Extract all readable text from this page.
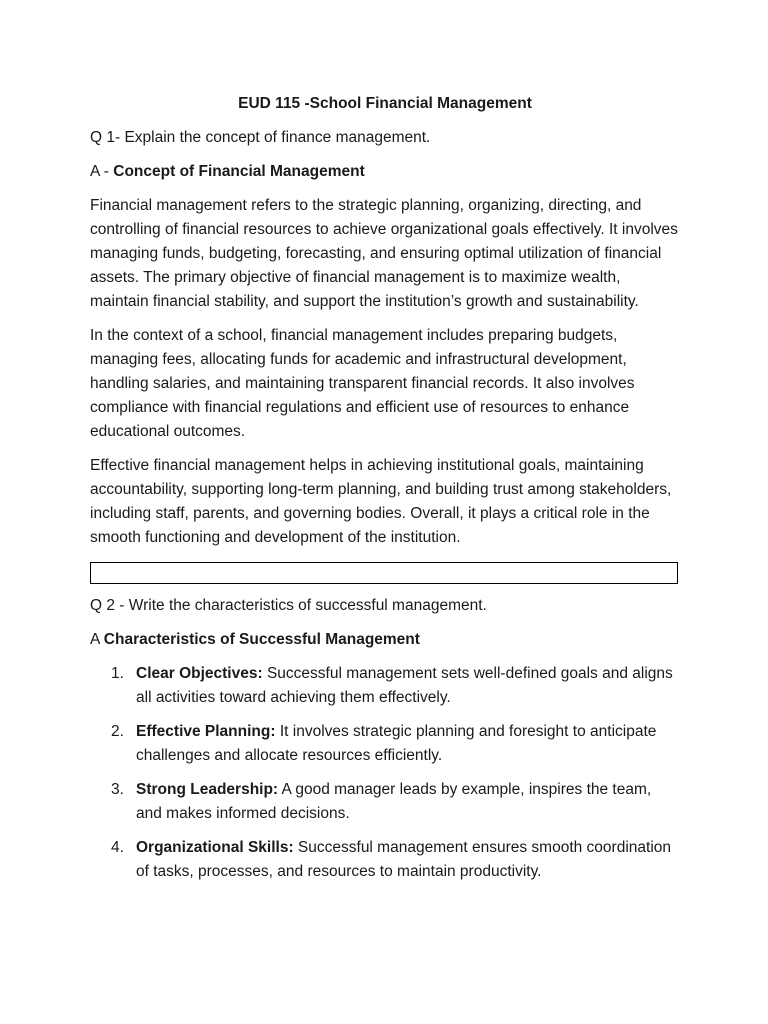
EUD 115 -School Financial Management

Q 1- Explain the concept of finance management.

A - Concept of Financial Management

Financial management refers to the strategic planning, organizing, directing, and controlling of financial resources to achieve organizational goals effectively. It involves managing funds, budgeting, forecasting, and ensuring optimal utilization of financial assets. The primary objective of financial management is to maximize wealth, maintain financial stability, and support the institution’s growth and sustainability.

In the context of a school, financial management includes preparing budgets, managing fees, allocating funds for academic and infrastructural development, handling salaries, and maintaining transparent financial records. It also involves compliance with financial regulations and efficient use of resources to enhance educational outcomes.

Effective financial management helps in achieving institutional goals, maintaining accountability, supporting long-term planning, and building trust among stakeholders, including staff, parents, and governing bodies. Overall, it plays a critical role in the smooth functioning and development of the institution.

Q 2 - Write the characteristics of successful management.

A Characteristics of Successful Management

1. Clear Objectives: Successful management sets well-defined goals and aligns all activities toward achieving them effectively.
2. Effective Planning: It involves strategic planning and foresight to anticipate challenges and allocate resources efficiently.
3. Strong Leadership: A good manager leads by example, inspires the team, and makes informed decisions.
4. Organizational Skills: Successful management ensures smooth coordination of tasks, processes, and resources to maintain productivity.
